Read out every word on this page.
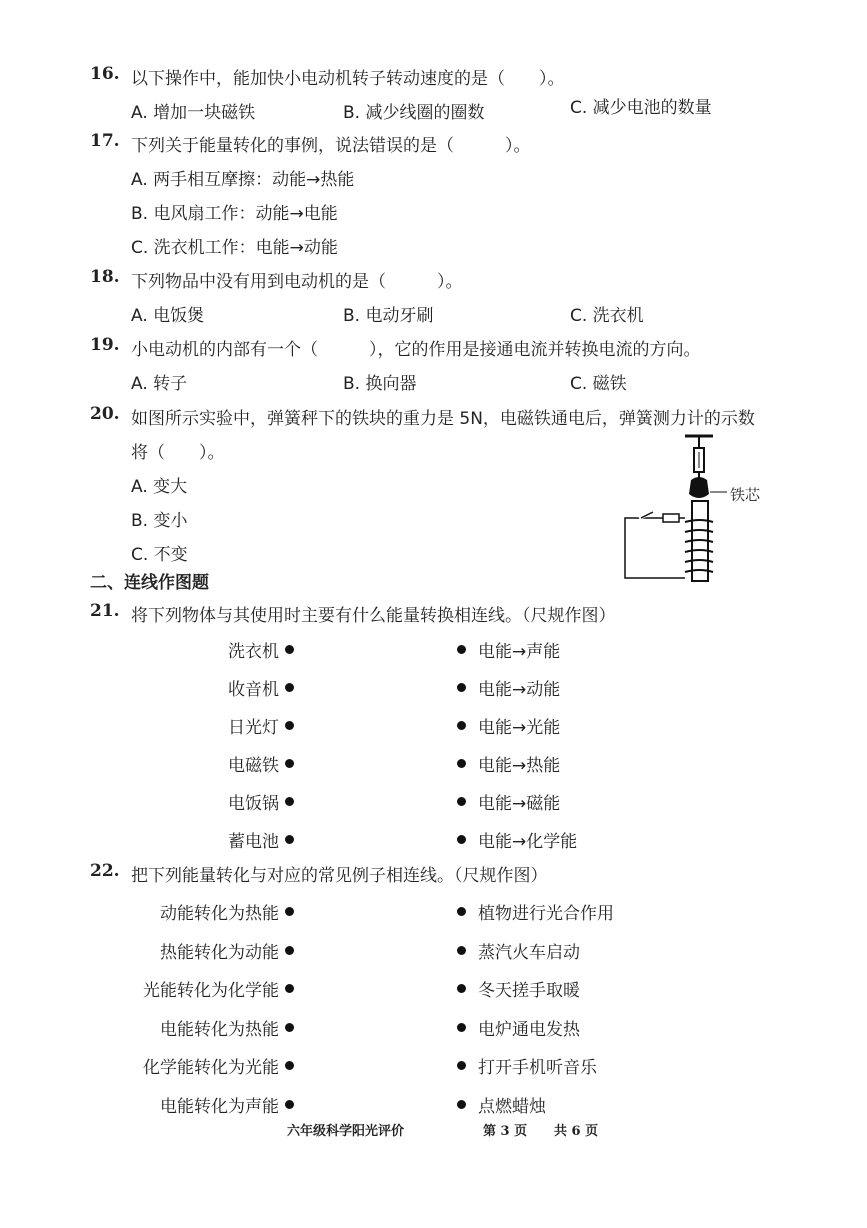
16. 以下操作中，能加快小电动机转子转动速度的是（　　）。
A. 增加一块磁铁	B. 减少线圈的圈数	C. 减少电池的数量
17. 下列关于能量转化的事例，说法错误的是（　　　）。
A. 两手相互摩擦：动能→热能
B. 电风扇工作：动能→电能
C. 洗衣机工作：电能→动能
18. 下列物品中没有用到电动机的是（　　　）。
A. 电饭煲	B. 电动牙刷	C. 洗衣机
19. 小电动机的内部有一个（　　　），它的作用是接通电流并转换电流的方向。
A. 转子	B. 换向器	C. 磁铁
20. 如图所示实验中，弹簧秤下的铁块的重力是 5N，电磁铁通电后，弹簧测力计的示数
将（　　）。
A. 变大
B. 变小
C. 不变
铁芯
二、连线作图题
21. 将下列物体与其使用时主要有什么能量转换相连线。（尺规作图）
洗衣机
收音机
日光灯
电磁铁
电饭锅
蓄电池
电能→声能
电能→动能
电能→光能
电能→热能
电能→磁能
电能→化学能
22. 把下列能量转化与对应的常见例子相连线。（尺规作图）
动能转化为热能
热能转化为动能
光能转化为化学能
电能转化为热能
化学能转化为光能
电能转化为声能
植物进行光合作用
蒸汽火车启动
冬天搓手取暖
电炉通电发热
打开手机听音乐
点燃蜡烛
六年级科学阳光评价	第 3 页 共 6 页
